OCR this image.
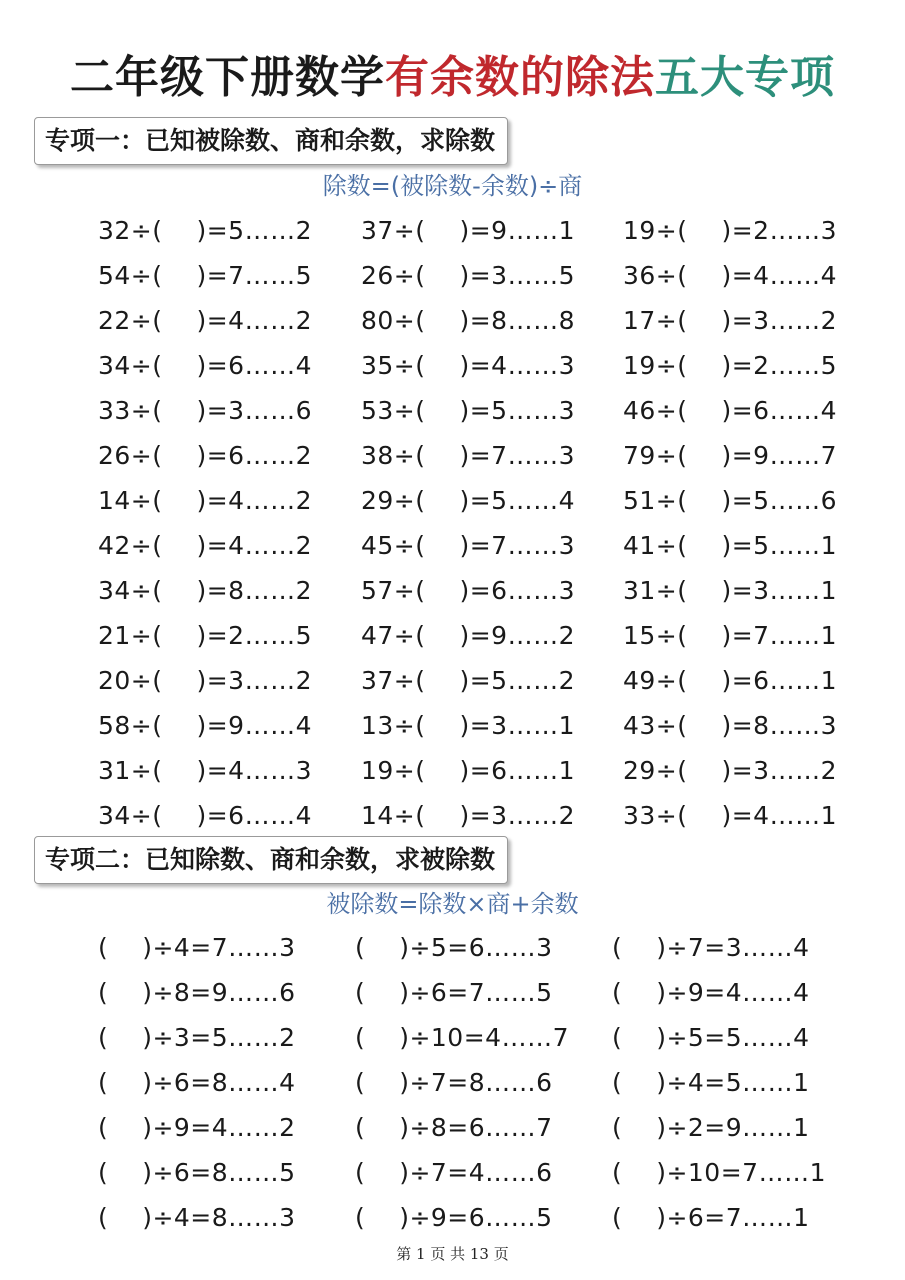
二年级下册数学有余数的除法五大专项
专项一：已知被除数、商和余数，求除数
除数=(被除数-余数)÷商
32÷(　 )=5……2 37÷(　 )=9……1 19÷(　 )=2……3
54÷(　 )=7……5 26÷(　 )=3……5 36÷(　 )=4……4
22÷(　 )=4……2 80÷(　 )=8……8 17÷(　 )=3……2
34÷(　 )=6……4 35÷(　 )=4……3 19÷(　 )=2……5
33÷(　 )=3……6 53÷(　 )=5……3 46÷(　 )=6……4
26÷(　 )=6……2 38÷(　 )=7……3 79÷(　 )=9……7
14÷(　 )=4……2 29÷(　 )=5……4 51÷(　 )=5……6
42÷(　 )=4……2 45÷(　 )=7……3 41÷(　 )=5……1
34÷(　 )=8……2 57÷(　 )=6……3 31÷(　 )=3……1
21÷(　 )=2……5 47÷(　 )=9……2 15÷(　 )=7……1
20÷(　 )=3……2 37÷(　 )=5……2 49÷(　 )=6……1
58÷(　 )=9……4 13÷(　 )=3……1 43÷(　 )=8……3
31÷(　 )=4……3 19÷(　 )=6……1 29÷(　 )=3……2
34÷(　 )=6……4 14÷(　 )=3……2 33÷(　 )=4……1
专项二：已知除数、商和余数，求被除数
被除数=除数×商+余数
(　 )÷4=7……3 (　 )÷5=6……3 (　 )÷7=3……4
(　 )÷8=9……6 (　 )÷6=7……5 (　 )÷9=4……4
(　 )÷3=5……2 (　 )÷10=4……7 (　 )÷5=5……4
(　 )÷6=8……4 (　 )÷7=8……6 (　 )÷4=5……1
(　 )÷9=4……2 (　 )÷8=6……7 (　 )÷2=9……1
(　 )÷6=8……5 (　 )÷7=4……6 (　 )÷10=7……1
(　 )÷4=8……3 (　 )÷9=6……5 (　 )÷6=7……1
第 1 页 共 13 页
